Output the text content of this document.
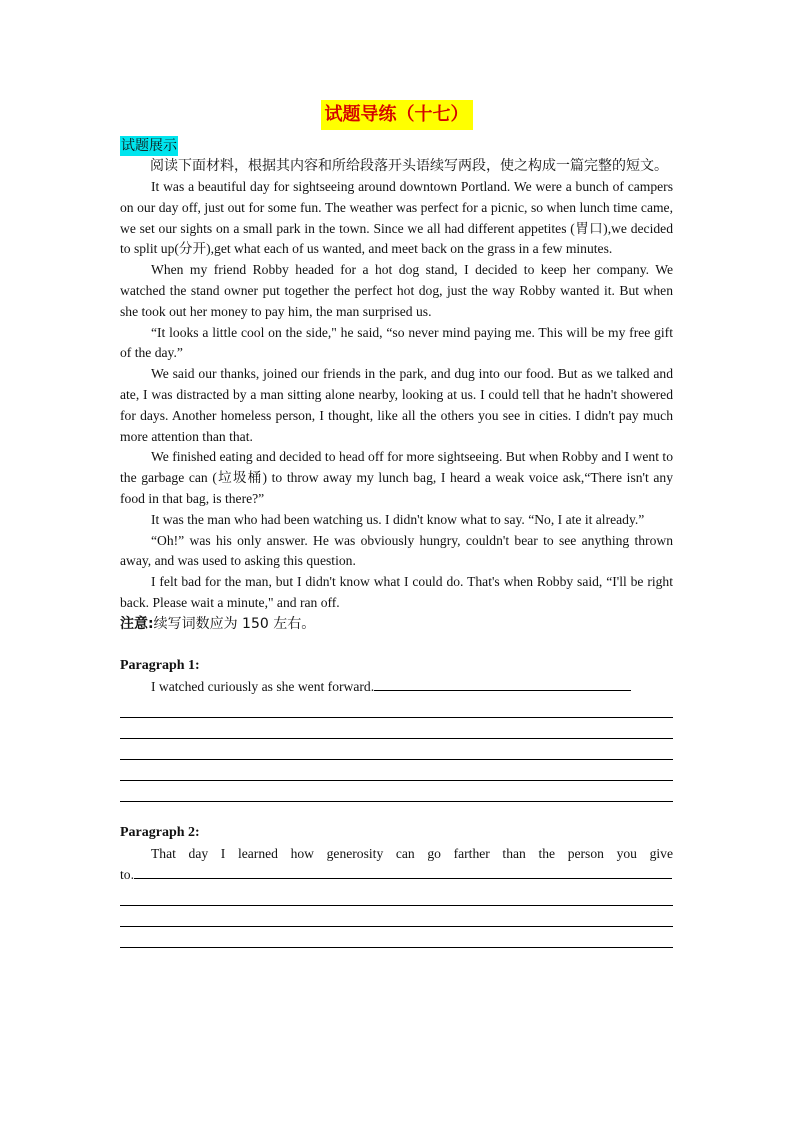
试题导练（十七）
试题展示

阅读下面材料，根据其内容和所给段落开头语续写两段，使之构成一篇完整的短文。

It was a beautiful day for sightseeing around downtown Portland. We were a bunch of campers on our day off, just out for some fun. The weather was perfect for a picnic, so when lunch time came, we set our sights on a small park in the town. Since we all had different appetites (胃口),we decided to split up(分开),get what each of us wanted, and meet back on the grass in a few minutes.

When my friend Robby headed for a hot dog stand, I decided to keep her company. We watched the stand owner put together the perfect hot dog, just the way Robby wanted it. But when she took out her money to pay him, the man surprised us.

“It looks a little cool on the side," he said, “so never mind paying me. This will be my free gift of the day.”

We said our thanks, joined our friends in the park, and dug into our food. But as we talked and ate, I was distracted by a man sitting alone nearby, looking at us. I could tell that he hadn't showered for days. Another homeless person, I thought, like all the others you see in cities. I didn't pay much more attention than that.

We finished eating and decided to head off for more sightseeing. But when Robby and I went to the garbage can (垃圾桶) to throw away my lunch bag, I heard a weak voice ask,“There isn't any food in that bag, is there?”

It was the man who had been watching us. I didn't know what to say. “No, I ate it already.”

“Oh!” was his only answer. He was obviously hungry, couldn't bear to see anything thrown away, and was used to asking this question.

I felt bad for the man, but I didn't know what I could do. That's when Robby said, “I'll be right back. Please wait a minute," and ran off.

注意:续写词数应为 150 左右。

Paragraph 1:

I watched curiously as she went forward.

Paragraph 2:

That day I learned how generosity can go farther than the person you give

to.
